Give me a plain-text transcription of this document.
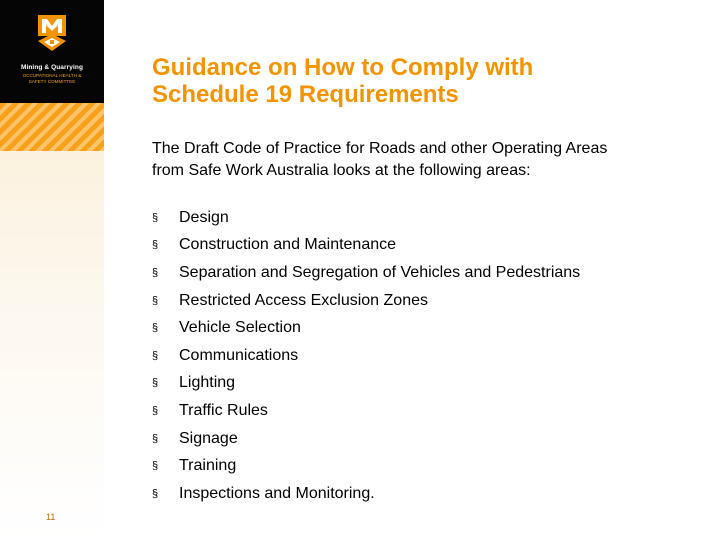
Mining & Quarrying
OCCUPATIONAL HEALTH &
SAFETY COMMITTEE
11
Guidance on How to Comply with
Schedule 19 Requirements
The Draft Code of Practice for Roads and other Operating Areas
from Safe Work Australia looks at the following areas:
§	Design
§	Construction and Maintenance
§	Separation and Segregation of Vehicles and Pedestrians
§	Restricted Access Exclusion Zones
§	Vehicle Selection
§	Communications
§	Lighting
§	Traffic Rules
§	Signage
§	Training
§	Inspections and Monitoring.
